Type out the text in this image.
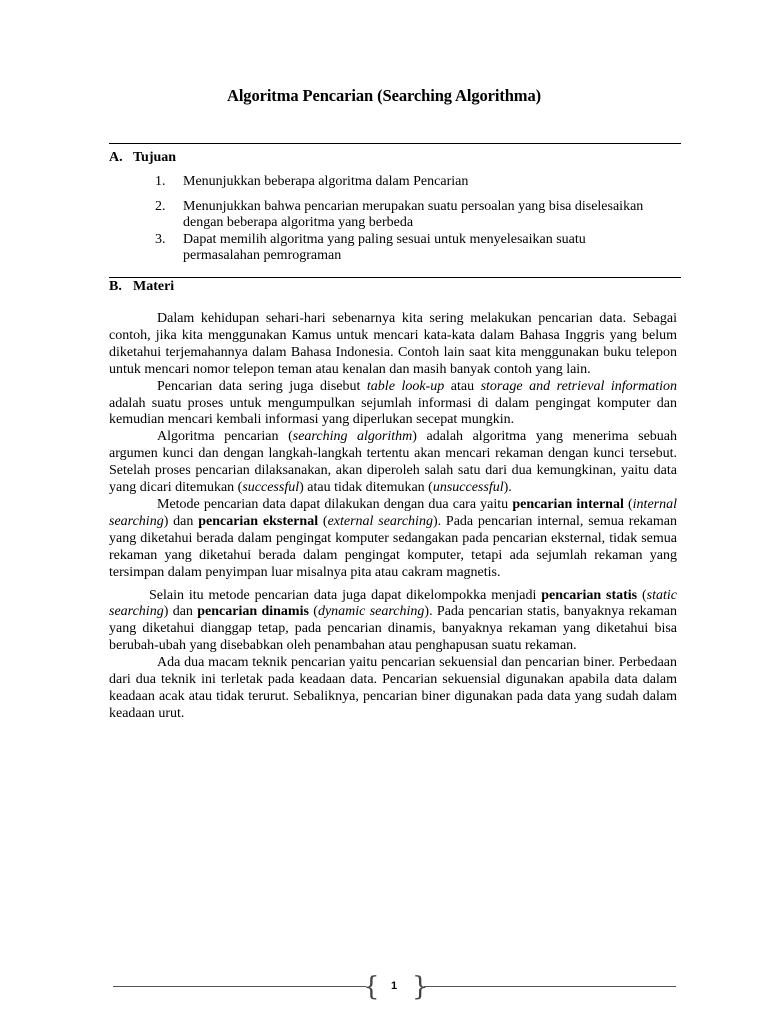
Algoritma Pencarian (Searching Algorithma)
A. Tujuan
1.	Menunjukkan beberapa algoritma dalam Pencarian
2.	Menunjukkan bahwa pencarian merupakan suatu persoalan yang bisa diselesaikan dengan beberapa algoritma yang berbeda
3.	Dapat memilih algoritma yang paling sesuai untuk menyelesaikan suatu permasalahan pemrograman
B. Materi

Dalam kehidupan sehari-hari sebenarnya kita sering melakukan pencarian data. Sebagai contoh, jika kita menggunakan Kamus untuk mencari kata-kata dalam Bahasa Inggris yang belum diketahui terjemahannya dalam Bahasa Indonesia. Contoh lain saat kita menggunakan buku telepon untuk mencari nomor telepon teman atau kenalan dan masih banyak contoh yang lain.

Pencarian data sering juga disebut table look-up atau storage and retrieval information adalah suatu proses untuk mengumpulkan sejumlah informasi di dalam pengingat komputer dan kemudian mencari kembali informasi yang diperlukan secepat mungkin.

Algoritma pencarian (searching algorithm) adalah algoritma yang menerima sebuah argumen kunci dan dengan langkah-langkah tertentu akan mencari rekaman dengan kunci tersebut. Setelah proses pencarian dilaksanakan, akan diperoleh salah satu dari dua kemungkinan, yaitu data yang dicari ditemukan (successful) atau tidak ditemukan (unsuccessful).

Metode pencarian data dapat dilakukan dengan dua cara yaitu pencarian internal (internal searching) dan pencarian eksternal (external searching). Pada pencarian internal, semua rekaman yang diketahui berada dalam pengingat komputer sedangakan pada pencarian eksternal, tidak semua rekaman yang diketahui berada dalam pengingat komputer, tetapi ada sejumlah rekaman yang tersimpan dalam penyimpan luar misalnya pita atau cakram magnetis.

Selain itu metode pencarian data juga dapat dikelompokka menjadi pencarian statis (static searching) dan pencarian dinamis (dynamic searching). Pada pencarian statis, banyaknya rekaman yang diketahui dianggap tetap, pada pencarian dinamis, banyaknya rekaman yang diketahui bisa berubah-ubah yang disebabkan oleh penambahan atau penghapusan suatu rekaman.

Ada dua macam teknik pencarian yaitu pencarian sekuensial dan pencarian biner. Perbedaan dari dua teknik ini terletak pada keadaan data. Pencarian sekuensial digunakan apabila data dalam keadaan acak atau tidak terurut. Sebaliknya, pencarian biner digunakan pada data yang sudah dalam keadaan urut.

{	1 }
